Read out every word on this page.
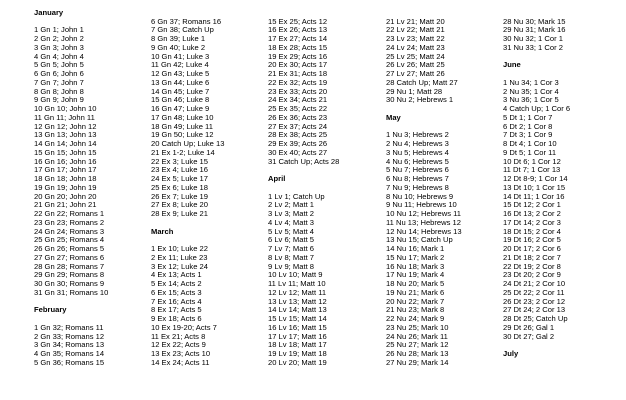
January
1 Gn 1; John 1
2 Gn 2; John 2
3 Gn 3; John 3
4 Gn 4; John 4
5 Gn 5; John 5
6 Gn 6; John 6
7 Gn 7; John 7
8 Gn 8; John 8
9 Gn 9; John 9
10 Gn 10; John 10
11 Gn 11; John 11
12 Gn 12; John 12
13 Gn 13; John 13
14 Gn 14; John 14
15 Gn 15; John 15
16 Gn 16; John 16
17 Gn 17; John 17
18 Gn 18; John 18
19 Gn 19; John 19
20 Gn 20; John 20
21 Gn 21; John 21
22 Gn 22; Romans 1
23 Gn 23; Romans 2
24 Gn 24; Romans 3
25 Gn 25; Romans 4
26 Gn 26; Romans 5
27 Gn 27; Romans 6
28 Gn 28; Romans 7
29 Gn 29; Romans 8
30 Gn 30; Romans 9
31 Gn 31; Romans 10
February
1 Gn 32; Romans 11
2 Gn 33; Romans 12
3 Gn 34; Romans 13
4 Gn 35; Romans 14
5 Gn 36; Romans 15
6 Gn 37; Romans 16
7 Gn 38; Catch Up
8 Gn 39; Luke 1
9 Gn 40; Luke 2
10 Gn 41; Luke 3
11 Gn 42; Luke 4
12 Gn 43; Luke 5
13 Gn 44; Luke 6
14 Gn 45; Luke 7
15 Gn 46; Luke 8
16 Gn 47; Luke 9
17 Gn 48; Luke 10
18 Gn 49; Luke 11
19 Gn 50; Luke 12
20 Catch Up; Luke 13
21 Ex 1-2; Luke 14
22 Ex 3; Luke 15
23 Ex 4; Luke 16
24 Ex 5; Luke 17
25 Ex 6; Luke 18
26 Ex 7; Luke 19
27 Ex 8; Luke 20
28 Ex 9; Luke 21
March
1 Ex 10; Luke 22
2 Ex 11; Luke 23
3 Ex 12; Luke 24
4 Ex 13; Acts 1
5 Ex 14; Acts 2
6 Ex 15; Acts 3
7 Ex 16; Acts 4
8 Ex 17; Acts 5
9 Ex 18; Acts 6
10 Ex 19-20; Acts 7
11 Ex 21; Acts 8
12 Ex 22; Acts 9
13 Ex 23; Acts 10
14 Ex 24; Acts 11
15 Ex 25; Acts 12
16 Ex 26; Acts 13
17 Ex 27; Acts 14
18 Ex 28; Acts 15
19 Ex 29; Acts 16
20 Ex 30; Acts 17
21 Ex 31; Acts 18
22 Ex 32; Acts 19
23 Ex 33; Acts 20
24 Ex 34; Acts 21
25 Ex 35; Acts 22
26 Ex 36; Acts 23
27 Ex 37; Acts 24
28 Ex 38; Acts 25
29 Ex 39; Acts 26
30 Ex 40; Acts 27
31 Catch Up; Acts 28
April
1 Lv 1; Catch Up
2 Lv 2; Matt 1
3 Lv 3; Matt 2
4 Lv 4; Matt 3
5 Lv 5; Matt 4
6 Lv 6; Matt 5
7 Lv 7; Matt 6
8 Lv 8; Matt 7
9 Lv 9; Matt 8
10 Lv 10; Matt 9
11 Lv 11; Matt 10
12 Lv 12; Matt 11
13 Lv 13; Matt 12
14 Lv 14; Matt 13
15 Lv 15; Matt 14
16 Lv 16; Matt 15
17 Lv 17; Matt 16
18 Lv 18; Matt 17
19 Lv 19; Matt 18
20 Lv 20; Matt 19
21 Lv 21; Matt 20
22 Lv 22; Matt 21
23 Lv 23; Matt 22
24 Lv 24; Matt 23
25 Lv 25; Matt 24
26 Lv 26; Matt 25
27 Lv 27; Matt 26
28 Catch Up; Matt 27
29 Nu 1; Matt 28
30 Nu 2; Hebrews 1
May
1 Nu 3; Hebrews 2
2 Nu 4; Hebrews 3
3 Nu 5; Hebrews 4
4 Nu 6; Hebrews 5
5 Nu 7; Hebrews 6
6 Nu 8; Hebrews 7
7 Nu 9; Hebrews 8
8 Nu 10; Hebrews 9
9 Nu 11; Hebrews 10
10 Nu 12; Hebrews 11
11 Nu 13; Hebrews 12
12 Nu 14; Hebrews 13
13 Nu 15; Catch Up
14 Nu 16; Mark 1
15 Nu 17; Mark 2
16 Nu 18; Mark 3
17 Nu 19; Mark 4
18 Nu 20; Mark 5
19 Nu 21; Mark 6
20 Nu 22; Mark 7
21 Nu 23; Mark 8
22 Nu 24; Mark 9
23 Nu 25; Mark 10
24 Nu 26; Mark 11
25 Nu 27; Mark 12
26 Nu 28; Mark 13
27 Nu 29; Mark 14
28 Nu 30; Mark 15
29 Nu 31; Mark 16
30 Nu 32; 1 Cor 1
31 Nu 33; 1 Cor 2
June
1 Nu 34; 1 Cor 3
2 Nu 35; 1 Cor 4
3 Nu 36; 1 Cor 5
4 Catch Up; 1 Cor 6
5 Dt 1; 1 Cor 7
6 Dt 2; 1 Cor 8
7 Dt 3; 1 Cor 9
8 Dt 4; 1 Cor 10
9 Dt 5; 1 Cor 11
10 Dt 6; 1 Cor 12
11 Dt 7; 1 Cor 13
12 Dt 8-9; 1 Cor 14
13 Dt 10; 1 Cor 15
14 Dt 11; 1 Cor 16
15 Dt 12; 2 Cor 1
16 Dt 13; 2 Cor 2
17 Dt 14; 2 Cor 3
18 Dt 15; 2 Cor 4
19 Dt 16; 2 Cor 5
20 Dt 17; 2 Cor 6
21 Dt 18; 2 Cor 7
22 Dt 19; 2 Cor 8
23 Dt 20; 2 Cor 9
24 Dt 21; 2 Cor 10
25 Dt 22; 2 Cor 11
26 Dt 23; 2 Cor 12
27 Dt 24; 2 Cor 13
28 Dt 25; Catch Up
29 Dt 26; Gal 1
30 Dt 27; Gal 2
July
